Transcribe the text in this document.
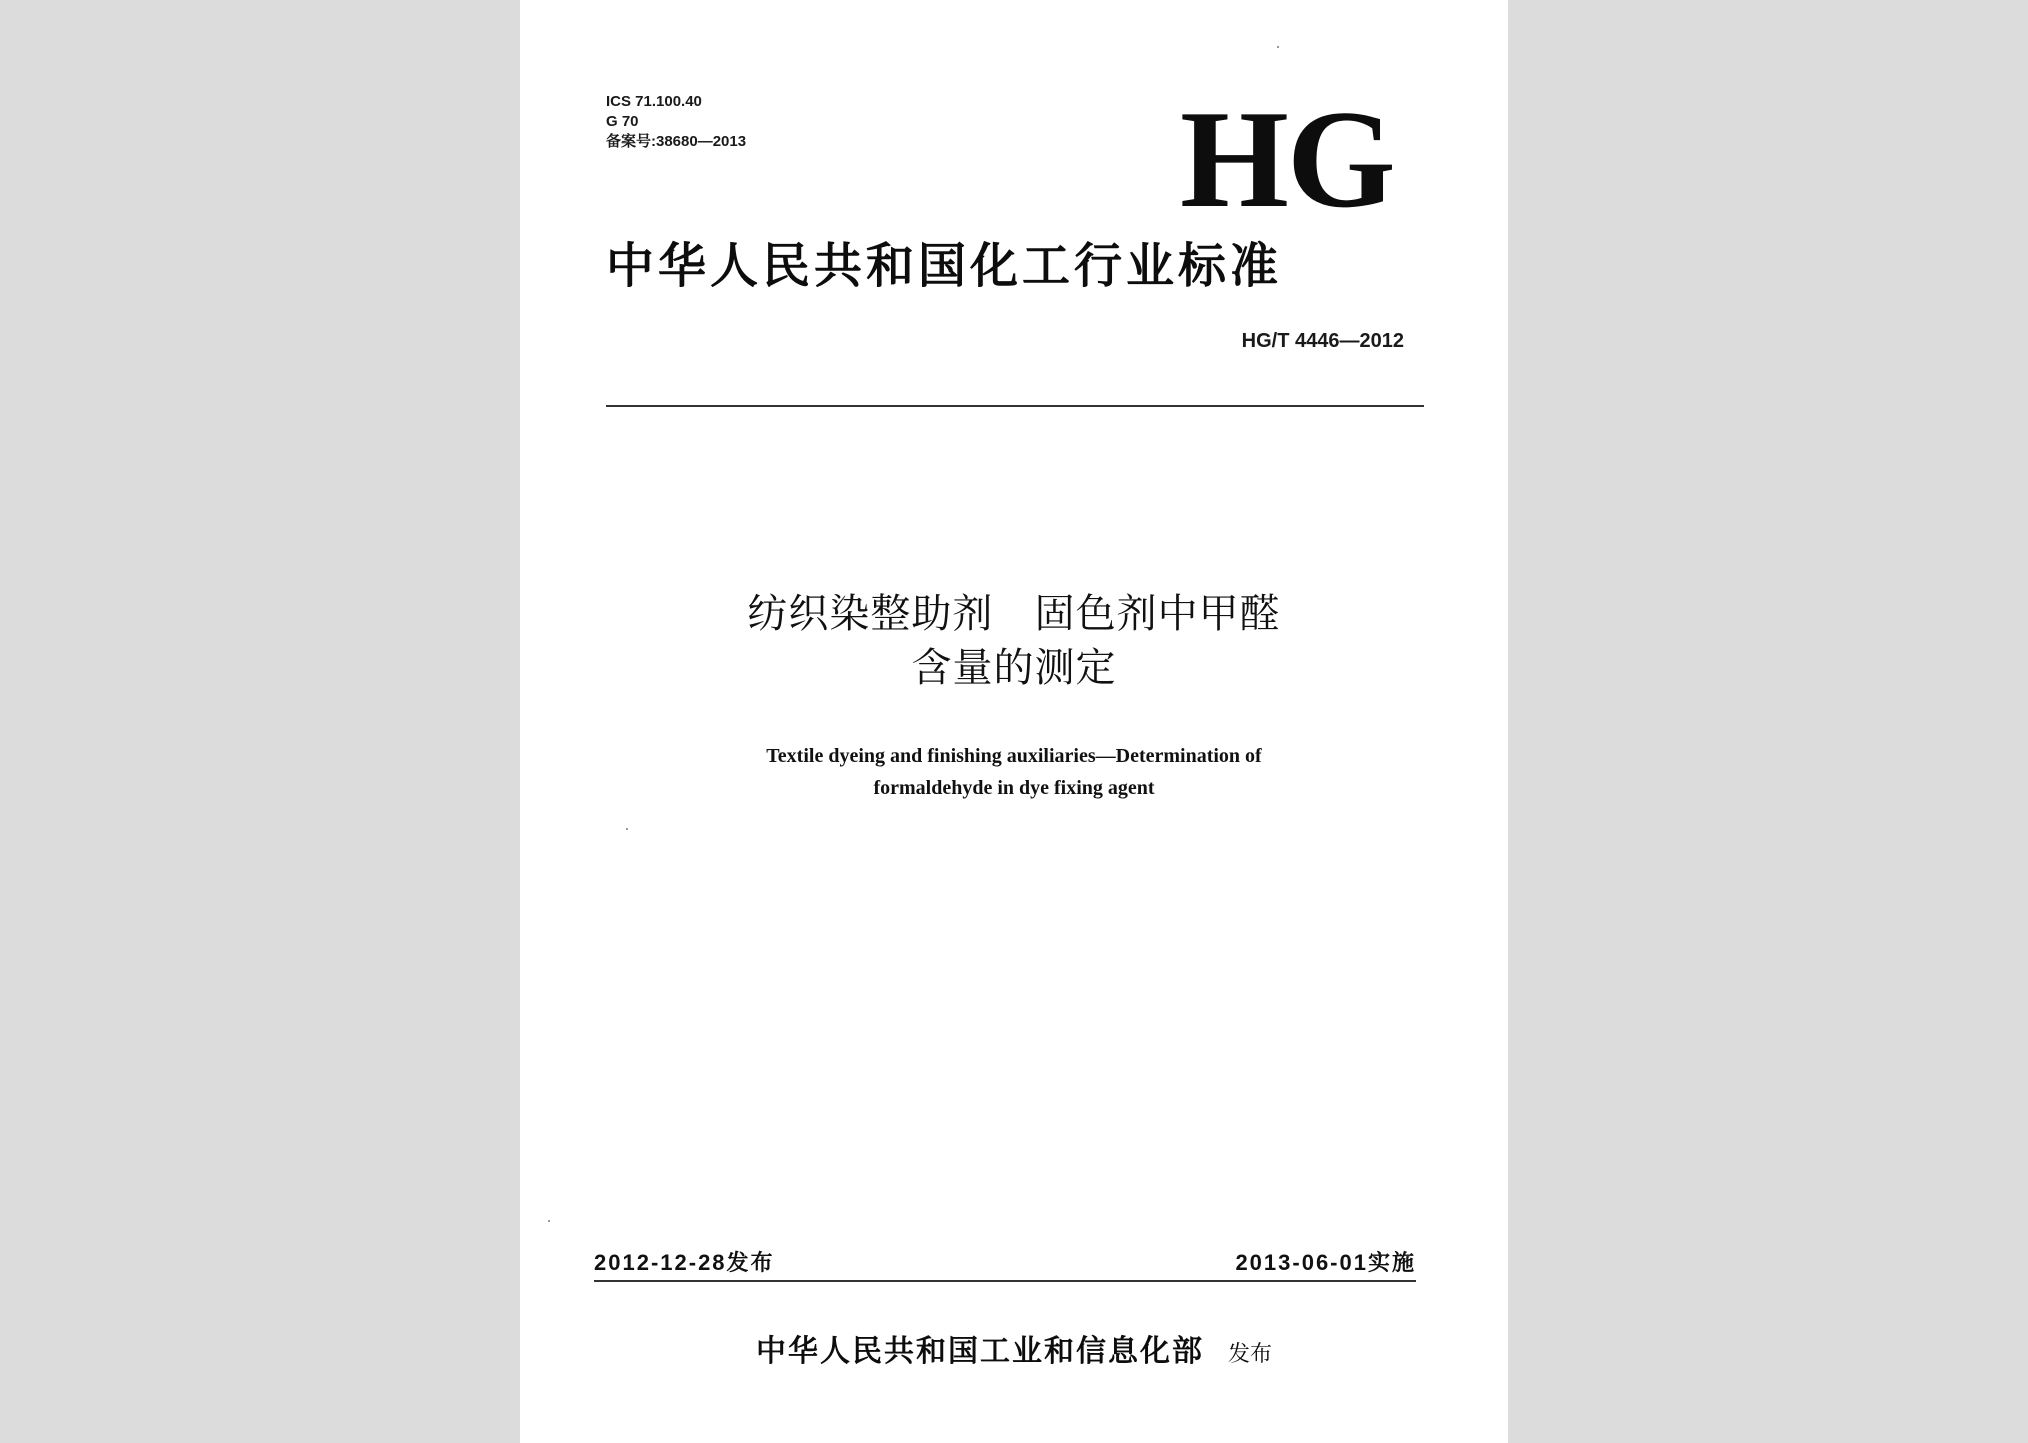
ICS 71.100.40
G 70
备案号:38680—2013	HG
中华人民共和国化工行业标准
HG/T 4446—2012
纺织染整助剂   固色剂中甲醛
含量的测定
Textile dyeing and finishing auxiliaries—Determination of
formaldehyde in dye fixing agent
2012-12-28发布	2013-06-01实施
中华人民共和国工业和信息化部 发布
